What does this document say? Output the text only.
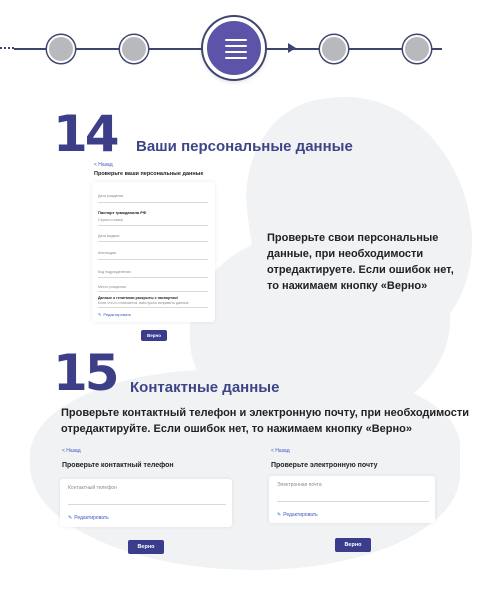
14 Ваши персональные данные
< Назад
Проверьте ваши персональные данные
Дата рождения
Паспорт гражданина РФ
Серия и номер
Дата выдачи
Кем выдан
Код подразделения
Место рождения
Данные о гениталии раскрыты с паспортом!
Если что-то отличается, вам нужно исправить данные
✎ Редактировать
Верно
Проверьте свои персональные
данные, при необходимости
отредактируете. Если ошибок нет,
то нажимаем кнопку «Верно»
15 Контактные данные
Проверьте контактный телефон и электронную почту, при необходимости
отредактируйте. Если ошибок нет, то нажимаем кнопку «Верно»
< Назад
Проверьте контактный телефон
Контактный телефон
✎ Редактировать
Верно
< Назад
Проверьте электронную почту
Электронная почта
✎ Редактировать
Верно
